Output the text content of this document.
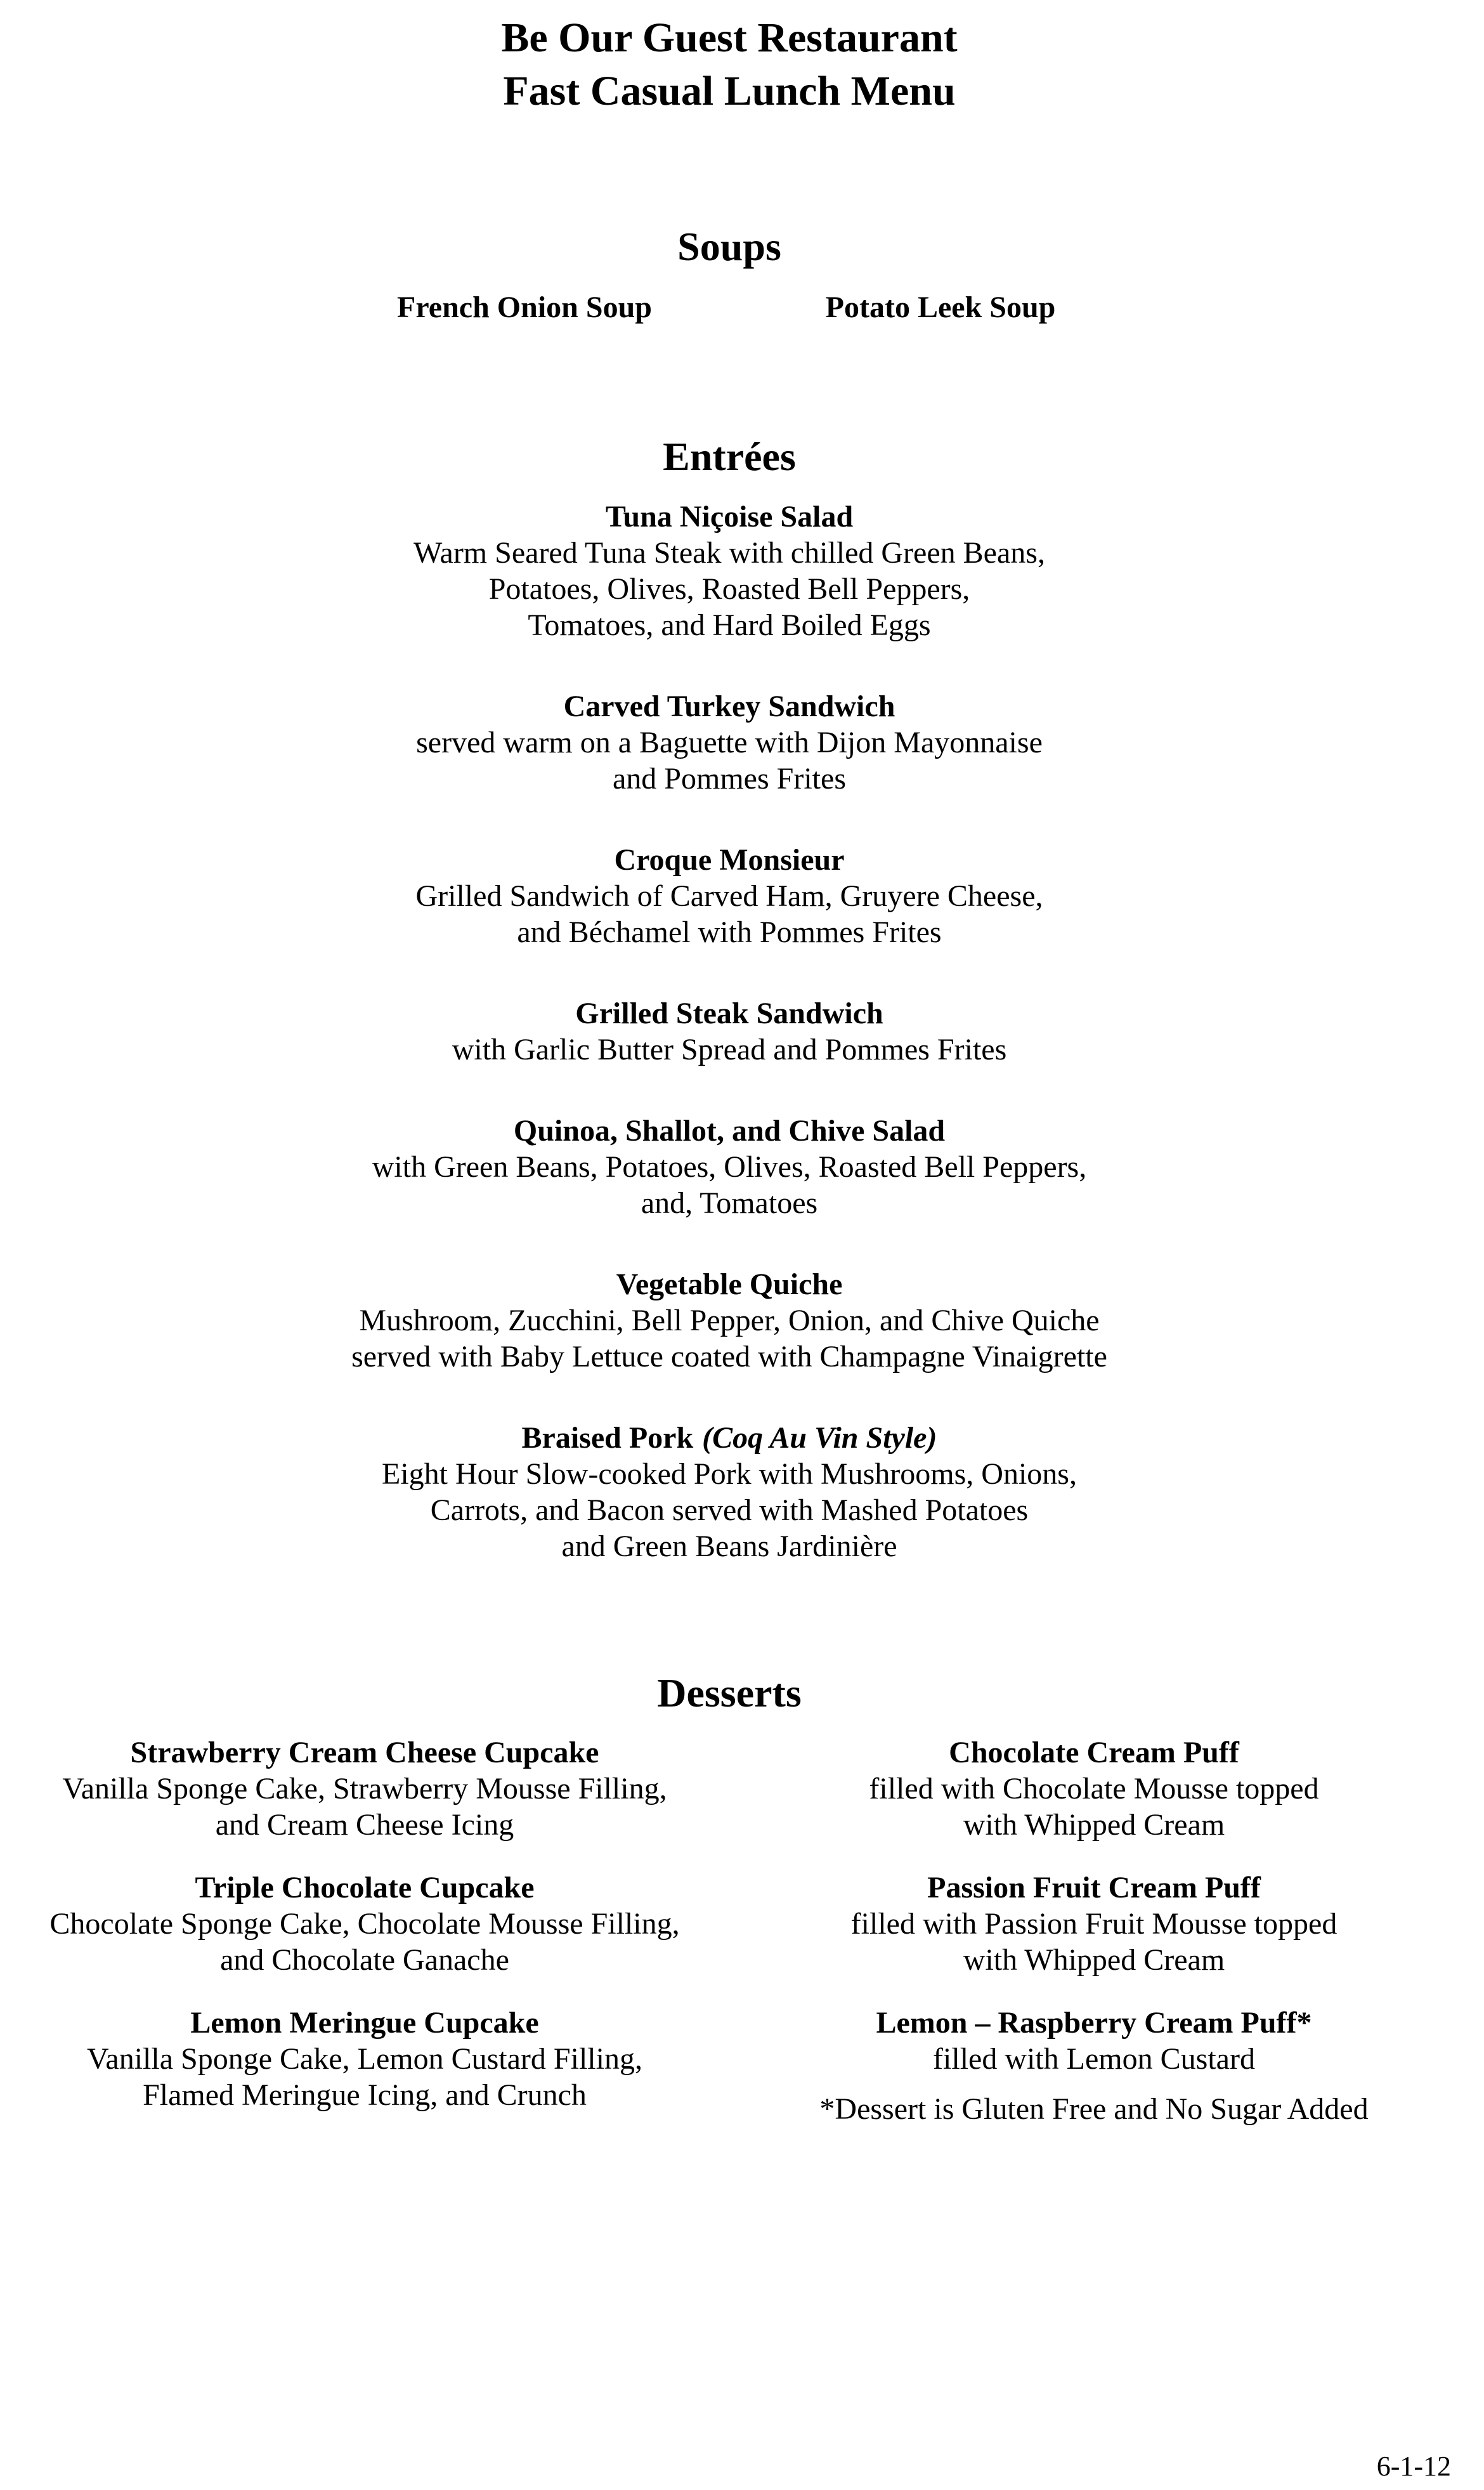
Be Our Guest Restaurant
Fast Casual Lunch Menu
Soups
French Onion Soup	Potato Leek Soup
Entrées
Tuna Niçoise Salad
Warm Seared Tuna Steak with chilled Green Beans,
Potatoes, Olives, Roasted Bell Peppers,
Tomatoes, and Hard Boiled Eggs
Carved Turkey Sandwich
served warm on a Baguette with Dijon Mayonnaise
and Pommes Frites
Croque Monsieur
Grilled Sandwich of Carved Ham, Gruyere Cheese,
and Béchamel with Pommes Frites
Grilled Steak Sandwich
with Garlic Butter Spread and Pommes Frites
Quinoa, Shallot, and Chive Salad
with Green Beans, Potatoes, Olives, Roasted Bell Peppers,
and, Tomatoes
Vegetable Quiche
Mushroom, Zucchini, Bell Pepper, Onion, and Chive Quiche
served with Baby Lettuce coated with Champagne Vinaigrette
Braised Pork (Coq Au Vin Style)
Eight Hour Slow-cooked Pork with Mushrooms, Onions,
Carrots, and Bacon served with Mashed Potatoes
and Green Beans Jardinière
Desserts
Strawberry Cream Cheese Cupcake
Vanilla Sponge Cake, Strawberry Mousse Filling,
and Cream Cheese Icing
Triple Chocolate Cupcake
Chocolate Sponge Cake, Chocolate Mousse Filling,
and Chocolate Ganache
Lemon Meringue Cupcake
Vanilla Sponge Cake, Lemon Custard Filling,
Flamed Meringue Icing, and Crunch
Chocolate Cream Puff
filled with Chocolate Mousse topped
with Whipped Cream
Passion Fruit Cream Puff
filled with Passion Fruit Mousse topped
with Whipped Cream
Lemon – Raspberry Cream Puff*
filled with Lemon Custard
*Dessert is Gluten Free and No Sugar Added
6-1-12
